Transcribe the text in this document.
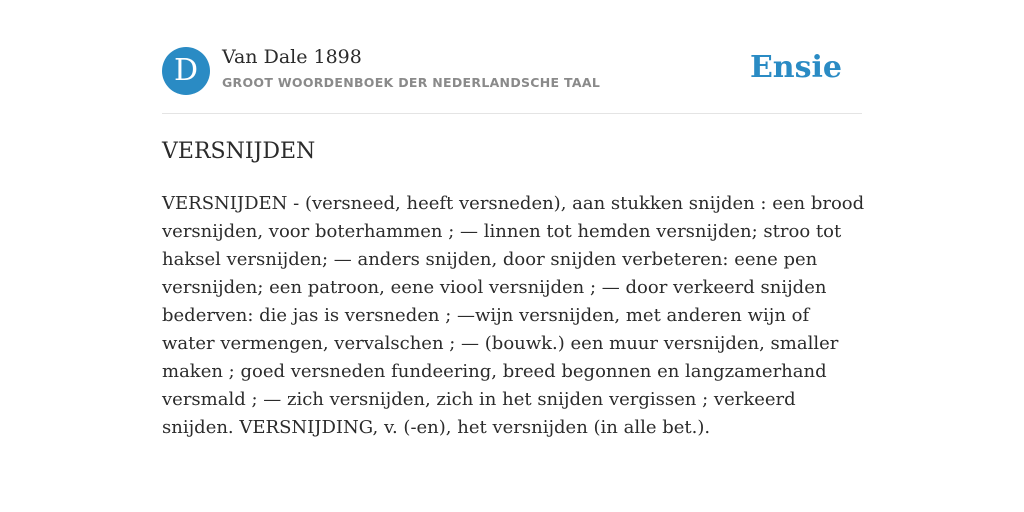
D	Van Dale 1898
GROOT WOORDENBOEK DER NEDERLANDSCHE TAAL	Ensie
VERSNIJDEN

VERSNIJDEN - (versneed, heeft versneden), aan stukken snijden : een brood versnijden, voor boterhammen ; — linnen tot hemden versnijden; stroo tot haksel versnijden; — anders snijden, door snijden verbeteren: eene pen versnijden; een patroon, eene viool versnijden ; — door verkeerd snijden bederven: die jas is versneden ; —wijn versnijden, met anderen wijn of water vermengen, vervalschen ; — (bouwk.) een muur versnijden, smaller maken ; goed versneden fundeering, breed begonnen en langzamerhand versmald ; — zich versnijden, zich in het snijden vergissen ; verkeerd snijden. VERSNIJDING, v. (-en), het versnijden (in alle bet.).
